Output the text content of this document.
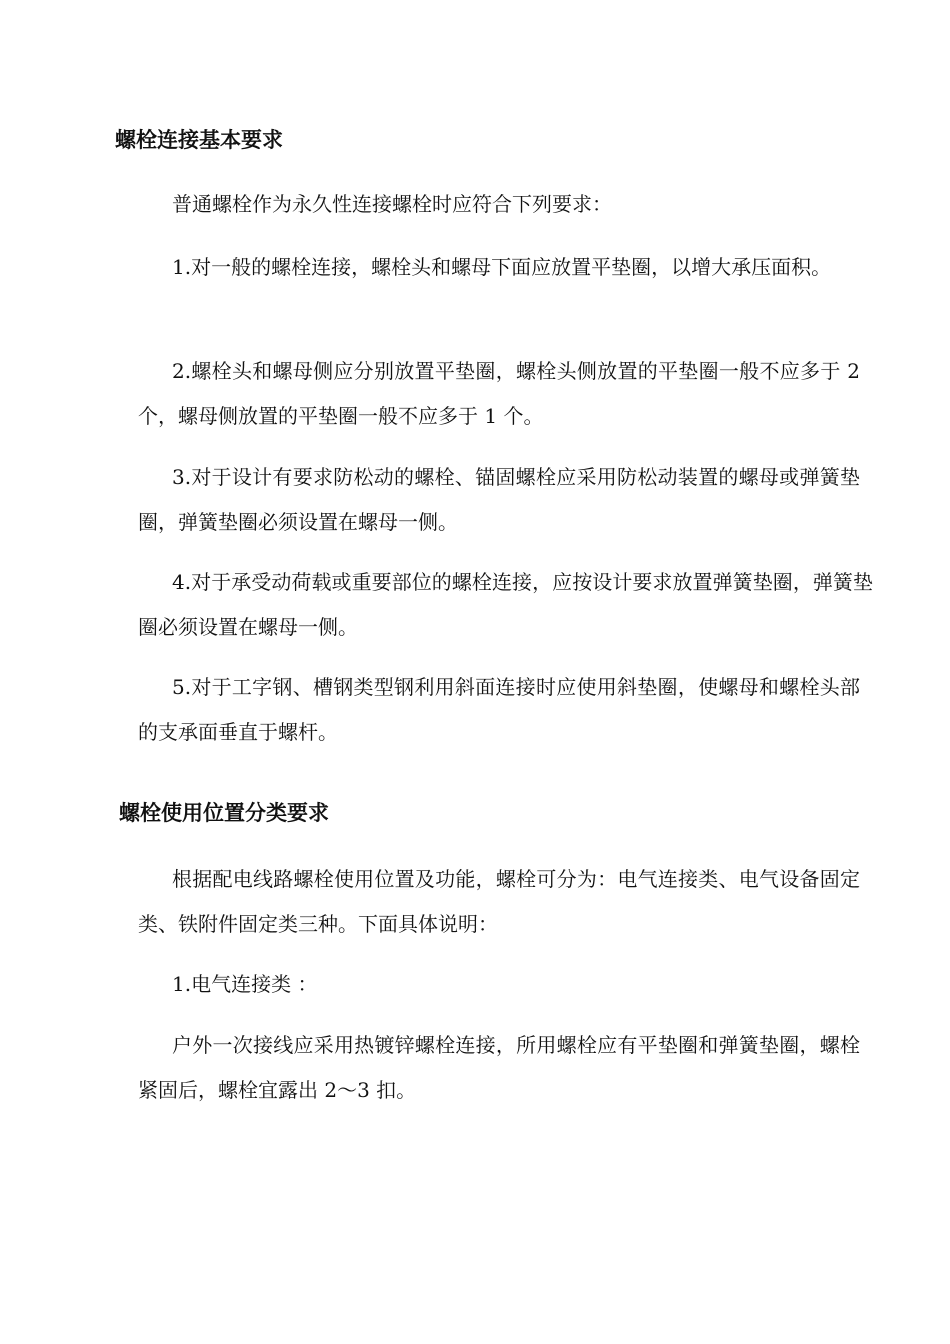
螺栓连接基本要求

普通螺栓作为永久性连接螺栓时应符合下列要求：

1.对一般的螺栓连接，螺栓头和螺母下面应放置平垫圈，以增大承压面积。

2.螺栓头和螺母侧应分别放置平垫圈，螺栓头侧放置的平垫圈一般不应多于 2 个，螺母侧放置的平垫圈一般不应多于 1 个。

3.对于设计有要求防松动的螺栓、锚固螺栓应采用防松动装置的螺母或弹簧垫圈，弹簧垫圈必须设置在螺母一侧。

4.对于承受动荷载或重要部位的螺栓连接，应按设计要求放置弹簧垫圈，弹簧垫圈必须设置在螺母一侧。

5.对于工字钢、槽钢类型钢利用斜面连接时应使用斜垫圈，使螺母和螺栓头部的支承面垂直于螺杆。

螺栓使用位置分类要求

根据配电线路螺栓使用位置及功能，螺栓可分为：电气连接类、电气设备固定类、铁附件固定类三种。下面具体说明：

1.电气连接类 ：

户外一次接线应采用热镀锌螺栓连接，所用螺栓应有平垫圈和弹簧垫圈，螺栓紧固后，螺栓宜露出 2～3 扣。
